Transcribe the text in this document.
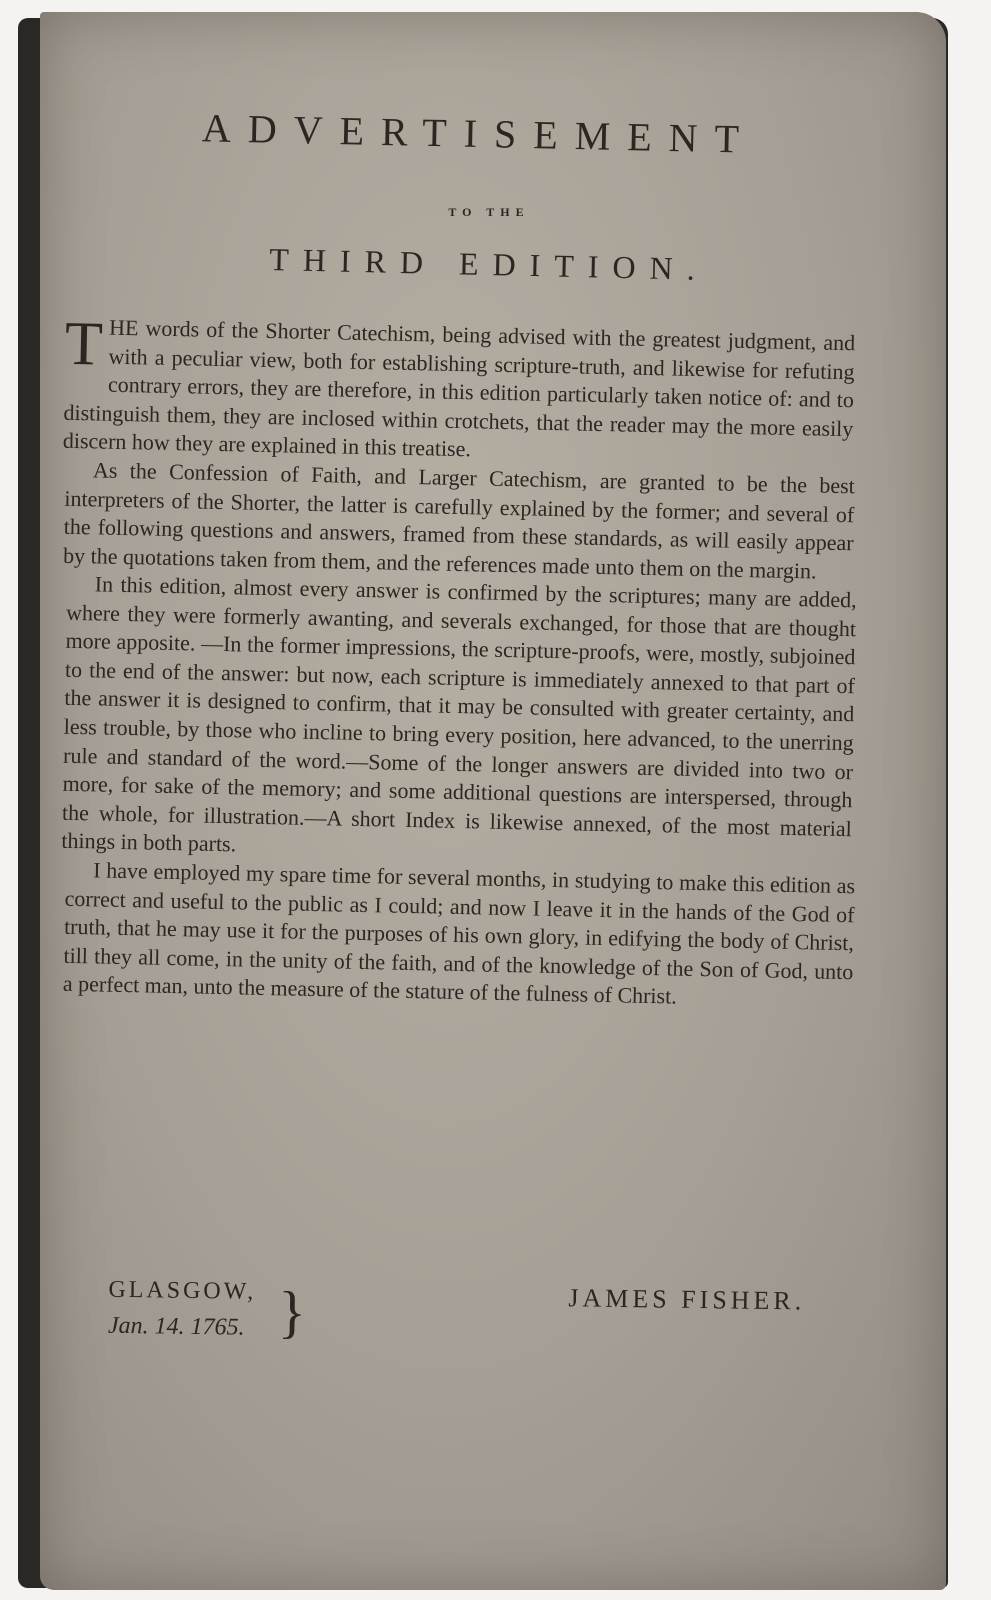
ADVERTISEMENT
TO THE
THIRD EDITION.

T HE words of the Shorter Catechism, being advised with the greatest judgment, and with a peculiar view, both for establishing scripture-truth, and likewise for refuting contrary errors, they are therefore, in this edition particularly taken notice of: and to distinguish them, they are inclosed within crotchets, that the reader may the more easily discern how they are explained in this treatise.

As the Confession of Faith, and Larger Catechism, are granted to be the best interpreters of the Shorter, the latter is carefully explained by the former; and several of the following questions and answers, framed from these standards, as will easily appear by the quotations taken from them, and the references made unto them on the margin.

In this edition, almost every answer is confirmed by the scriptures; many are added, where they were formerly awanting, and severals exchanged, for those that are thought more apposite. —In the former impressions, the scripture-proofs, were, mostly, subjoined to the end of the answer: but now, each scripture is immediately annexed to that part of the answer it is designed to confirm, that it may be consulted with greater certainty, and less trouble, by those who incline to bring every position, here advanced, to the unerring rule and standard of the word.—Some of the longer answers are divided into two or more, for sake of the memory; and some additional questions are interspersed, through the whole, for illustration.—A short Index is likewise annexed, of the most material things in both parts.

I have employed my spare time for several months, in studying to make this edition as correct and useful to the public as I could; and now I leave it in the hands of the God of truth, that he may use it for the purposes of his own glory, in edifying the body of Christ, till they all come, in the unity of the faith, and of the knowledge of the Son of God, unto a perfect man, unto the measure of the stature of the fulness of Christ.

GLASGOW,
Jan. 14. 1765. }	JAMES FISHER.
